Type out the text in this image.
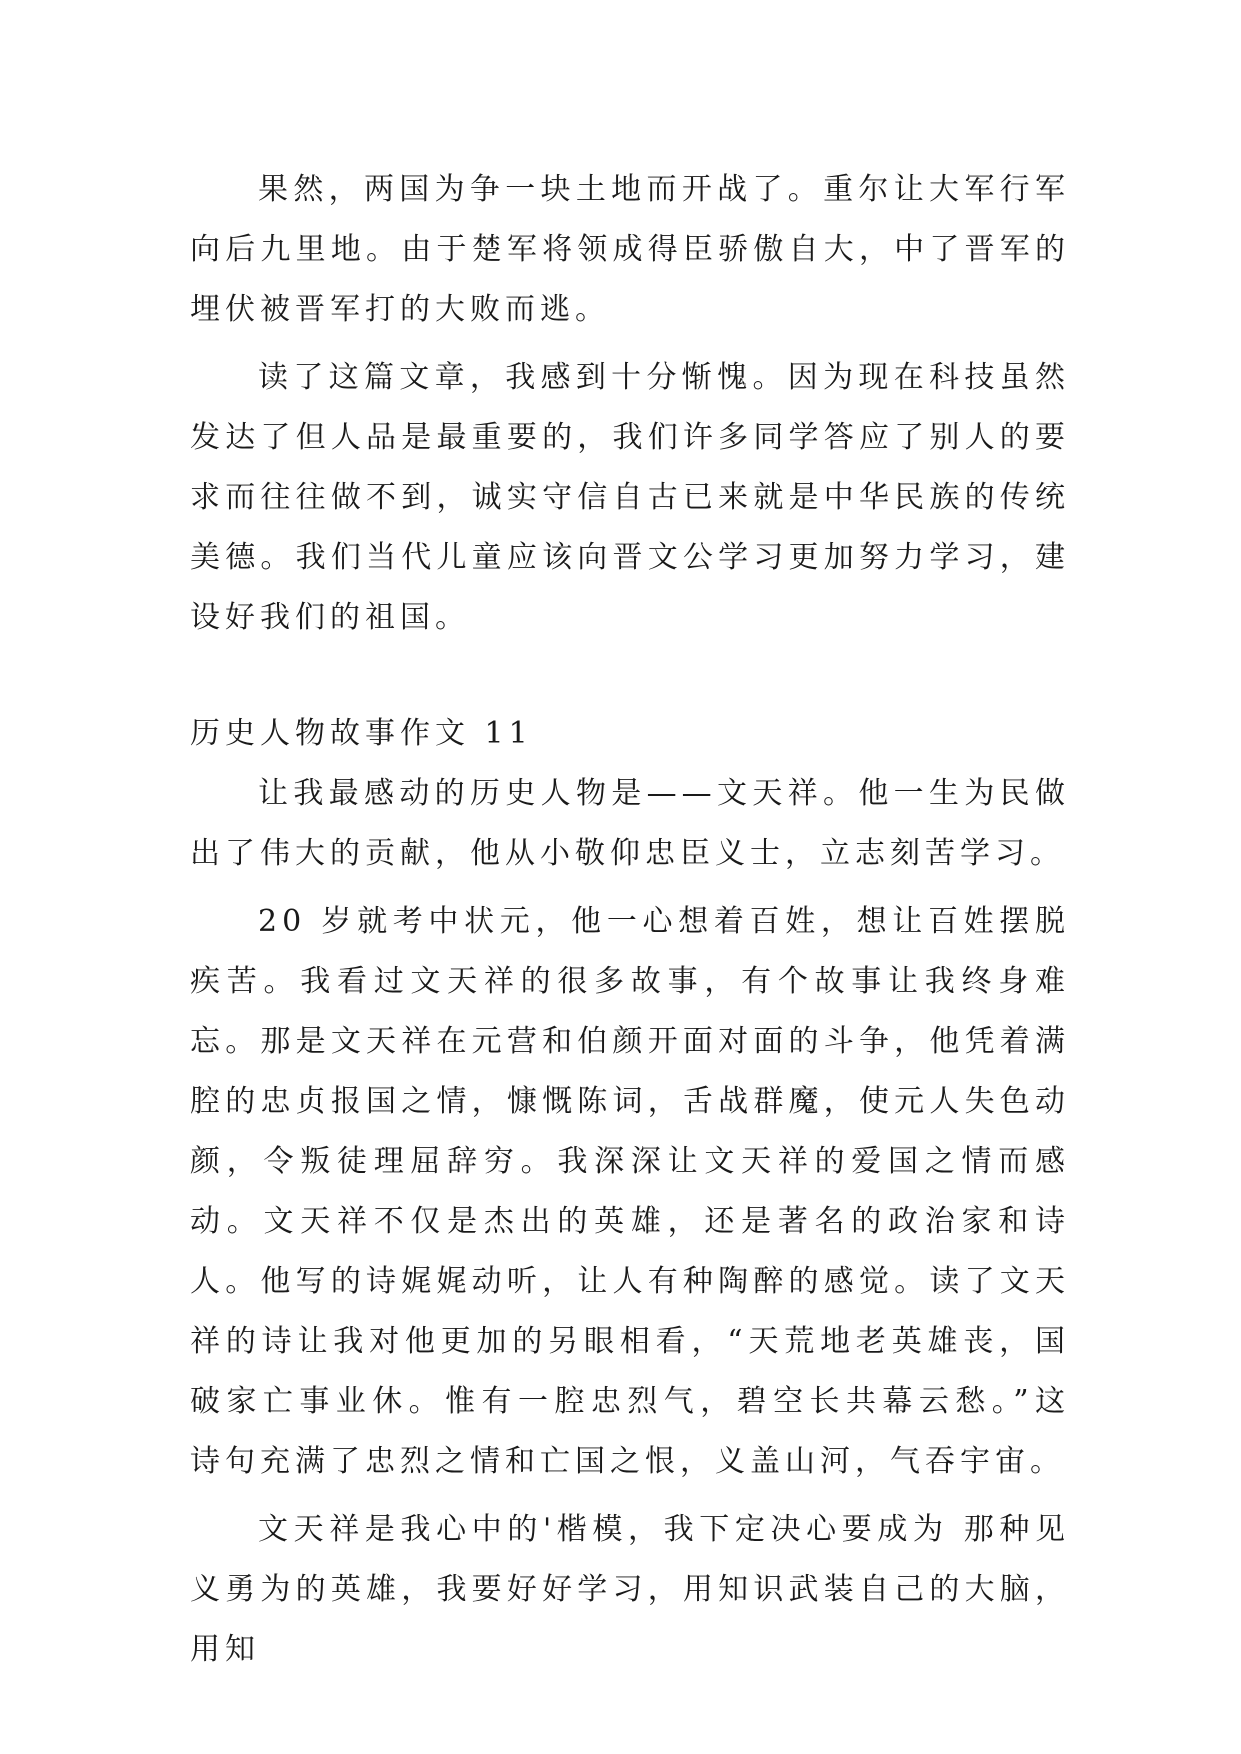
果然，两国为争一块土地而开战了。重尔让大军行军向后九里地。由于楚军将领成得臣骄傲自大，中了晋军的埋伏被晋军打的大败而逃。

读了这篇文章，我感到十分惭愧。因为现在科技虽然发达了但人品是最重要的，我们许多同学答应了别人的要求而往往做不到，诚实守信自古已来就是中华民族的传统美德。我们当代儿童应该向晋文公学习更加努力学习，建设好我们的祖国。

历史人物故事作文 11

让我最感动的历史人物是——文天祥。他一生为民做出了伟大的贡献，他从小敬仰忠臣义士，立志刻苦学习。

20 岁就考中状元，他一心想着百姓，想让百姓摆脱疾苦。我看过文天祥的很多故事，有个故事让我终身难忘。那是文天祥在元营和伯颜开面对面的斗争，他凭着满腔的忠贞报国之情，慷慨陈词，舌战群魔，使元人失色动颜，令叛徒理屈辞穷。我深深让文天祥的爱国之情而感动。文天祥不仅是杰出的英雄，还是著名的政治家和诗人。他写的诗娓娓动听，让人有种陶醉的感觉。读了文天祥的诗让我对他更加的另眼相看，“天荒地老英雄丧，国破家亡事业休。惟有一腔忠烈气，碧空长共幕云愁。”这诗句充满了忠烈之情和亡国之恨，义盖山河，气吞宇宙。

文天祥是我心中的'楷模，我下定决心要成为 那种见义勇为的英雄，我要好好学习，用知识武装自己的大脑，用知
